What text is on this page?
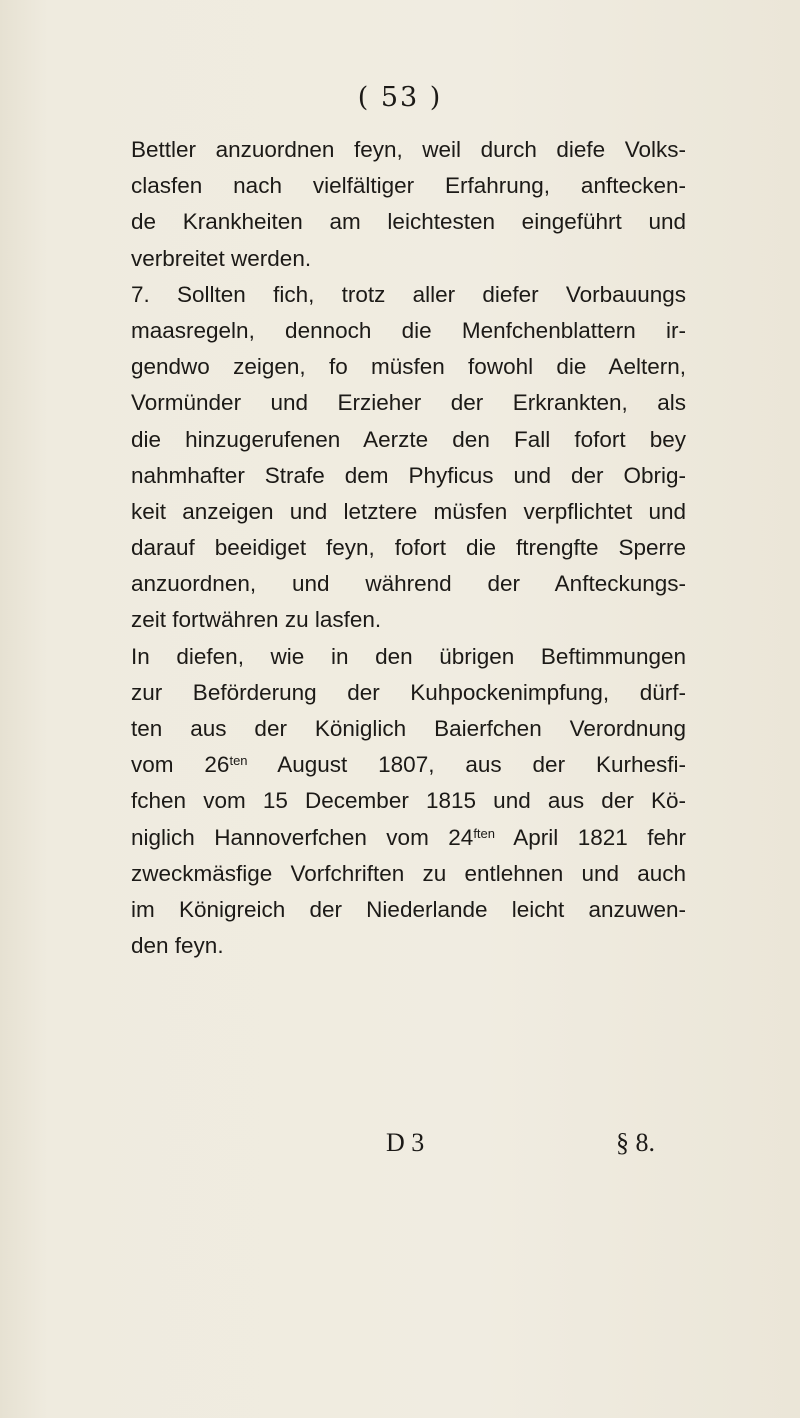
( 53 )
Bettler anzuordnen feyn, weil durch diefe Volks-
clasfen nach vielfältiger Erfahrung, anftecken-
de Krankheiten am leichtesten eingeführt und
verbreitet werden.
7. Sollten fich, trotz aller diefer Vorbauungs
maasregeln, dennoch die Menfchenblattern ir-
gendwo zeigen, fo müsfen fowohl die Aeltern,
Vormünder und Erzieher der Erkrankten, als
die hinzugerufenen Aerzte den Fall fofort bey
nahmhafter Strafe dem Phyficus und der Obrig-
keit anzeigen und letztere müsfen verpflichtet und
darauf beeidiget feyn, fofort die ftrengfte Sperre
anzuordnen, und während der Anfteckungs-
zeit fortwähren zu lasfen.
In diefen, wie in den übrigen Beftimmungen
zur Beförderung der Kuhpockenimpfung, dürf-
ten aus der Königlich Baierfchen Verordnung
vom $26^{ten}$ August 1807, aus der Kurhesfi-
fchen vom 15 December 1815 und aus der Kö-
niglich Hannoverfchen vom $24^{ften}$ April 1821 fehr
zweckmäsfige Vorfchriften zu entlehnen und auch
im Königreich der Niederlande leicht anzuwen-
den feyn.
D 3	§ 8.
